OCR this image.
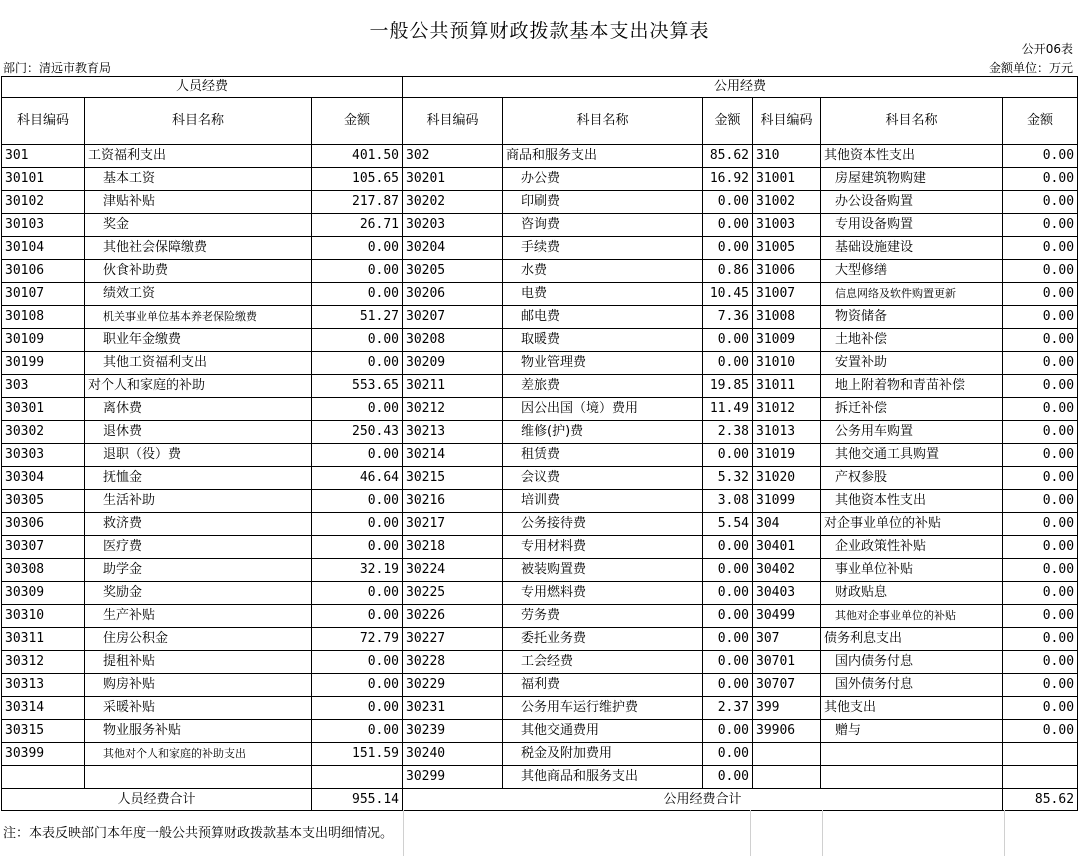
一般公共预算财政拨款基本支出决算表
公开06表
部门：清远市教育局	金额单位：万元
人员经费			公用经费					
科目编码	科目名称	金额	科目编码	科目名称	金额	科目编码	科目名称	金额
301	工资福利支出	401.50	302	商品和服务支出	85.62	310	其他资本性支出	0.00
30101	基本工资	105.65	30201	办公费	16.92	31001	房屋建筑物购建	0.00
30102	津贴补贴	217.87	30202	印刷费	0.00	31002	办公设备购置	0.00
30103	奖金	26.71	30203	咨询费	0.00	31003	专用设备购置	0.00
30104	其他社会保障缴费	0.00	30204	手续费	0.00	31005	基础设施建设	0.00
30106	伙食补助费	0.00	30205	水费	0.86	31006	大型修缮	0.00
30107	绩效工资	0.00	30206	电费	10.45	31007	信息网络及软件购置更新	0.00
30108	机关事业单位基本养老保险缴费	51.27	30207	邮电费	7.36	31008	物资储备	0.00
30109	职业年金缴费	0.00	30208	取暖费	0.00	31009	土地补偿	0.00
30199	其他工资福利支出	0.00	30209	物业管理费	0.00	31010	安置补助	0.00
303	对个人和家庭的补助	553.65	30211	差旅费	19.85	31011	地上附着物和青苗补偿	0.00
30301	离休费	0.00	30212	因公出国（境）费用	11.49	31012	拆迁补偿	0.00
30302	退休费	250.43	30213	维修(护)费	2.38	31013	公务用车购置	0.00
30303	退职（役）费	0.00	30214	租赁费	0.00	31019	其他交通工具购置	0.00
30304	抚恤金	46.64	30215	会议费	5.32	31020	产权参股	0.00
30305	生活补助	0.00	30216	培训费	3.08	31099	其他资本性支出	0.00
30306	救济费	0.00	30217	公务接待费	5.54	304	对企事业单位的补贴	0.00
30307	医疗费	0.00	30218	专用材料费	0.00	30401	企业政策性补贴	0.00
30308	助学金	32.19	30224	被装购置费	0.00	30402	事业单位补贴	0.00
30309	奖励金	0.00	30225	专用燃料费	0.00	30403	财政贴息	0.00
30310	生产补贴	0.00	30226	劳务费	0.00	30499	其他对企事业单位的补贴	0.00
30311	住房公积金	72.79	30227	委托业务费	0.00	307	债务利息支出	0.00
30312	提租补贴	0.00	30228	工会经费	0.00	30701	国内债务付息	0.00
30313	购房补贴	0.00	30229	福利费	0.00	30707	国外债务付息	0.00
30314	采暖补贴	0.00	30231	公务用车运行维护费	2.37	399	其他支出	0.00
30315	物业服务补贴	0.00	30239	其他交通费用	0.00	39906	赠与	0.00
30399	其他对个人和家庭的补助支出	151.59	30240	税金及附加费用	0.00			
			30299	其他商品和服务支出	0.00			
人员经费合计		955.14	公用经费合计					85.62
注：本表反映部门本年度一般公共预算财政拨款基本支出明细情况。
